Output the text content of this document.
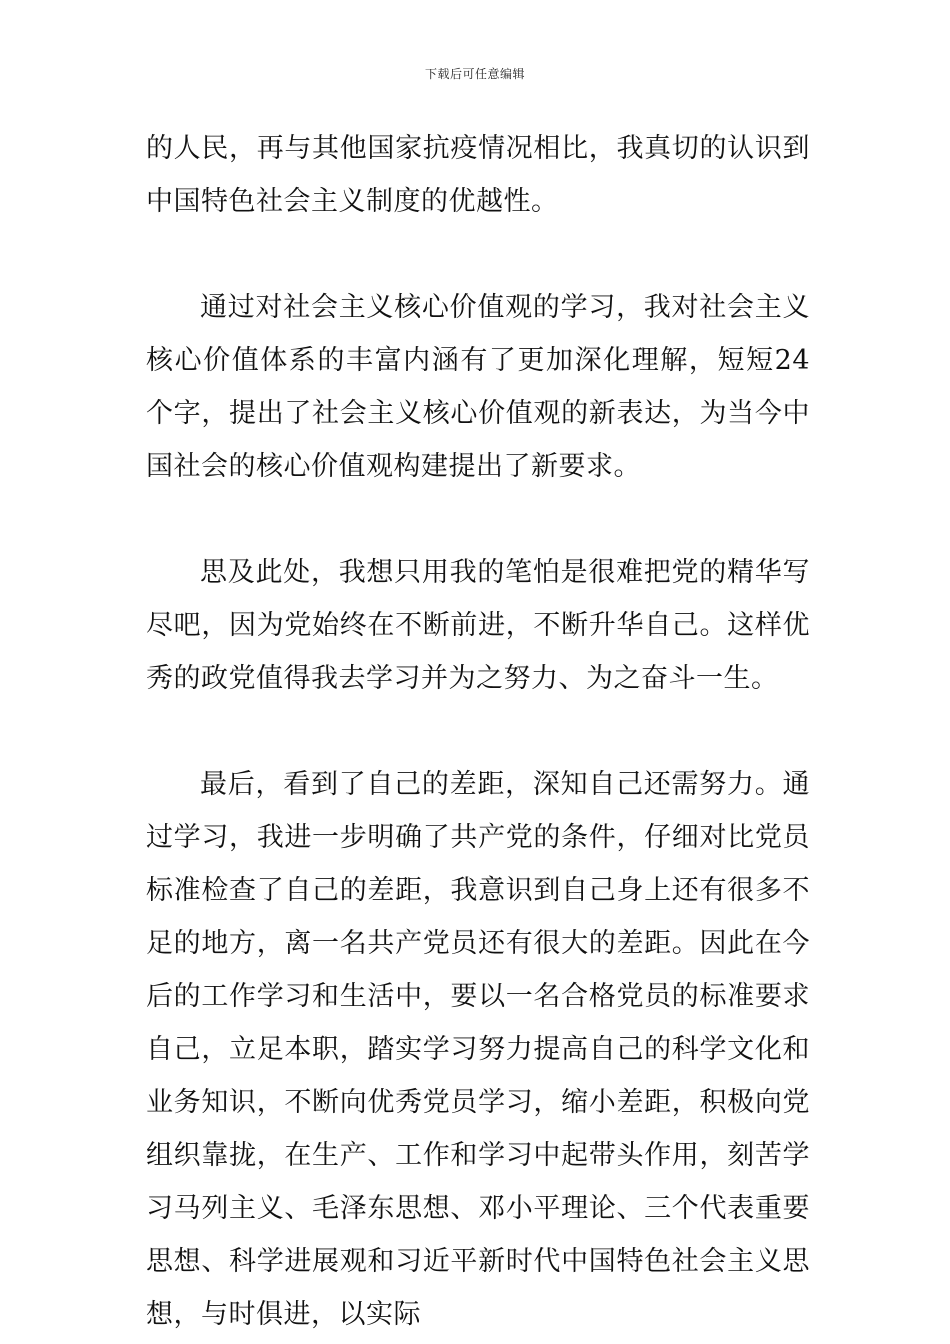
下载后可任意编辑

的人民，再与其他国家抗疫情况相比，我真切的认识到中国特色社会主义制度的优越性。

通过对社会主义核心价值观的学习，我对社会主义核心价值体系的丰富内涵有了更加深化理解，短短24个字，提出了社会主义核心价值观的新表达，为当今中国社会的核心价值观构建提出了新要求。

思及此处，我想只用我的笔怕是很难把党的精华写尽吧，因为党始终在不断前进，不断升华自己。这样优秀的政党值得我去学习并为之努力、为之奋斗一生。

最后，看到了自己的差距，深知自己还需努力。通过学习，我进一步明确了共产党的条件，仔细对比党员标准检查了自己的差距，我意识到自己身上还有很多不足的地方，离一名共产党员还有很大的差距。因此在今后的工作学习和生活中，要以一名合格党员的标准要求自己，立足本职，踏实学习努力提高自己的科学文化和业务知识，不断向优秀党员学习，缩小差距，积极向党组织靠拢，在生产、工作和学习中起带头作用，刻苦学习马列主义、毛泽东思想、邓小平理论、三个代表重要思想、科学进展观和习近平新时代中国特色社会主义思想，与时俱进，以实际
